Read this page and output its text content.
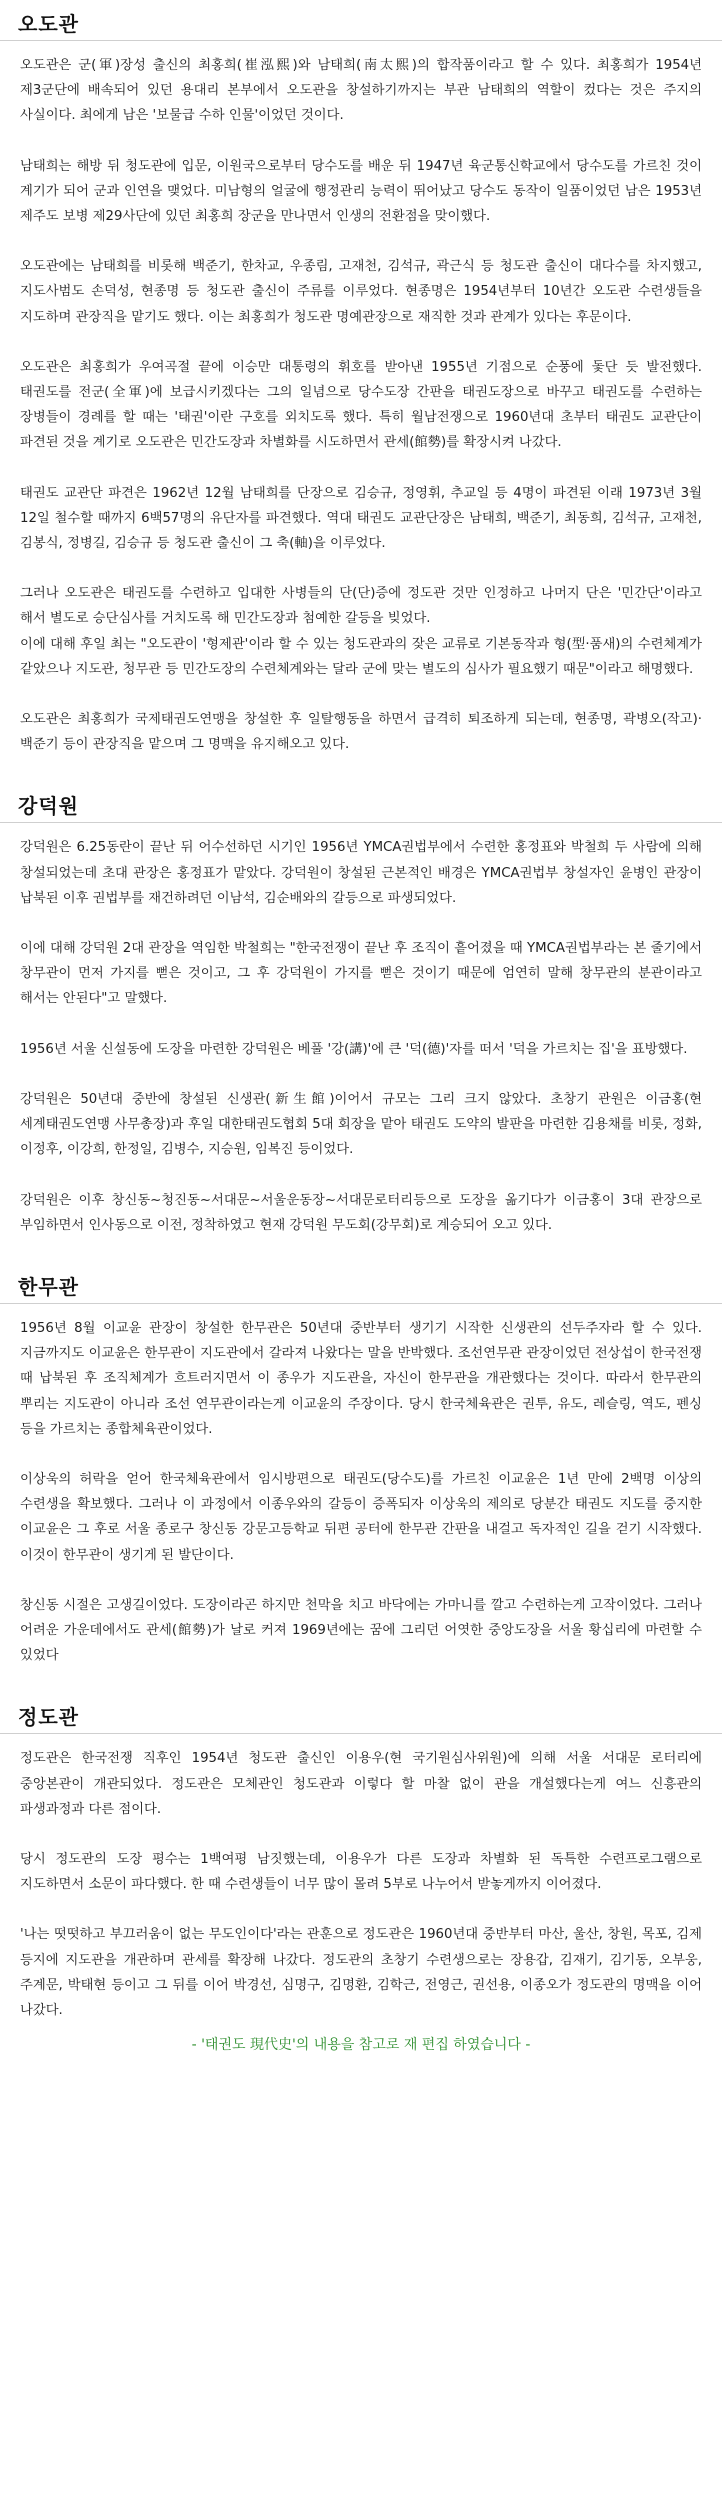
오도관

오도관은 군(軍)장성 출신의 최홍희(崔泓熙)와 남태희(南太熙)의 합작품이라고 할 수 있다. 최홍희가 1954년 제3군단에 배속되어 있던 용대리 본부에서 오도관을 창설하기까지는 부관 남태희의 역할이 컸다는 것은 주지의 사실이다. 최에게 남은 '보물급 수하 인물'이었던 것이다.

남태희는 해방 뒤 청도관에 입문, 이원국으로부터 당수도를 배운 뒤 1947년 육군통신학교에서 당수도를 가르친 것이 계기가 되어 군과 인연을 맺었다. 미남형의 얼굴에 행정관리 능력이 뛰어났고 당수도 동작이 일품이었던 남은 1953년 제주도 보병 제29사단에 있던 최홍희 장군을 만나면서 인생의 전환점을 맞이했다.

오도관에는 남태희를 비롯해 백준기, 한차교, 우종림, 고재천, 김석규, 곽근식 등 청도관 출신이 대다수를 차지했고, 지도사범도 손덕성, 현종명 등 청도관 출신이 주류를 이루었다. 현종명은 1954년부터 10년간 오도관 수련생들을 지도하며 관장직을 맡기도 했다. 이는 최홍희가 청도관 명예관장으로 재직한 것과 관계가 있다는 후문이다.

오도관은 최홍희가 우여곡절 끝에 이승만 대통령의 휘호를 받아낸 1955년 기점으로 순풍에 돛단 듯 발전했다. 태권도를 전군(全軍)에 보급시키겠다는 그의 일념으로 당수도장 간판을 태권도장으로 바꾸고 태권도를 수련하는 장병들이 경례를 할 때는 '태권'이란 구호를 외치도록 했다. 특히 월남전쟁으로 1960년대 초부터 태권도 교관단이 파견된 것을 계기로 오도관은 민간도장과 차별화를 시도하면서 관세(館勢)를 확장시켜 나갔다.

태권도 교관단 파견은 1962년 12월 남태희를 단장으로 김승규, 정영휘, 추교일 등 4명이 파견된 이래 1973년 3월 12일 철수할 때까지 6백57명의 유단자를 파견했다. 역대 태권도 교관단장은 남태희, 백준기, 최동희, 김석규, 고재천, 김봉식, 정병길, 김승규 등 청도관 출신이 그 축(軸)을 이루었다.

그러나 오도관은 태권도를 수련하고 입대한 사병들의 단(단)증에 정도관 것만 인정하고 나머지 단은 '민간단'이라고 해서 별도로 승단심사를 거치도록 해 민간도장과 첨예한 갈등을 빚었다.
이에 대해 후일 최는 "오도관이 '형제관'이라 할 수 있는 청도관과의 잦은 교류로 기본동작과 형(型·품새)의 수련체계가 같았으나 지도관, 청무관 등 민간도장의 수련체계와는 달라 군에 맞는 별도의 심사가 필요했기 때문"이라고 해명했다.

오도관은 최홍희가 국제태권도연맹을 창설한 후 일탈행동을 하면서 급격히 퇴조하게 되는데, 현종명, 곽병오(작고)·백준기 등이 관장직을 맡으며 그 명맥을 유지해오고 있다.

강덕원

강덕원은 6.25동란이 끝난 뒤 어수선하던 시기인 1956년 YMCA권법부에서 수련한 홍정표와 박철희 두 사람에 의해 창설되었는데 초대 관장은 홍정표가 맡았다. 강덕원이 창설된 근본적인 배경은 YMCA권법부 창설자인 윤병인 관장이 납북된 이후 권법부를 재건하려던 이남석, 김순배와의 갈등으로 파생되었다.

이에 대해 강덕원 2대 관장을 역임한 박철희는 "한국전쟁이 끝난 후 조직이 흩어졌을 때 YMCA권법부라는 본 줄기에서 창무관이 먼저 가지를 뻗은 것이고, 그 후 강덕원이 가지를 뻗은 것이기 때문에 엄연히 말해 창무관의 분관이라고 해서는 안된다"고 말했다.

1956년 서울 신설동에 도장을 마련한 강덕원은 베풀 '강(講)'에 큰 '덕(德)'자를 떠서 '덕을 가르치는 집'을 표방했다.

강덕원은 50년대 중반에 창설된 신생관(新生館)이어서 규모는 그리 크지 않았다. 초창기 관원은 이금홍(현 세계태권도연맹 사무총장)과 후일 대한태권도협회 5대 회장을 맡아 태권도 도약의 발판을 마련한 김용채를 비롯, 정화, 이정후, 이강희, 한정일, 김병수, 지승원, 임복진 등이었다.

강덕원은 이후 창신동~청진동~서대문~서울운동장~서대문로터리등으로 도장을 옮기다가 이금홍이 3대 관장으로 부임하면서 인사동으로 이전, 정착하였고 현재 강덕원 무도회(강무회)로 계승되어 오고 있다.

한무관

1956년 8월 이교윤 관장이 창설한 한무관은 50년대 중반부터 생기기 시작한 신생관의 선두주자라 할 수 있다. 지금까지도 이교윤은 한무관이 지도관에서 갈라져 나왔다는 말을 반박했다. 조선연무관 관장이었던 전상섭이 한국전쟁 때 납북된 후 조직체계가 흐트러지면서 이 종우가 지도관을, 자신이 한무관을 개관했다는 것이다. 따라서 한무관의 뿌리는 지도관이 아니라 조선 연무관이라는게 이교윤의 주장이다. 당시 한국체육관은 권투, 유도, 레슬링, 역도, 펜싱 등을 가르치는 종합체육관이었다.

이상욱의 허락을 얻어 한국체육관에서 임시방편으로 태권도(당수도)를 가르친 이교윤은 1년 만에 2백명 이상의 수련생을 확보했다. 그러나 이 과정에서 이종우와의 갈등이 증폭되자 이상욱의 제의로 당분간 태권도 지도를 중지한 이교윤은 그 후로 서울 종로구 창신동 강문고등학교 뒤편 공터에 한무관 간판을 내걸고 독자적인 길을 걷기 시작했다. 이것이 한무관이 생기게 된 발단이다.

창신동 시절은 고생길이었다. 도장이라곤 하지만 천막을 치고 바닥에는 가마니를 깔고 수련하는게 고작이었다. 그러나 어려운 가운데에서도 관세(館勢)가 날로 커져 1969년에는 꿈에 그리던 어엿한 중앙도장을 서울 황십리에 마련할 수 있었다

정도관

정도관은 한국전쟁 직후인 1954년 청도관 출신인 이용우(현 국기원심사위원)에 의해 서울 서대문 로터리에 중앙본관이 개관되었다. 정도관은 모체관인 청도관과 이렇다 할 마찰 없이 관을 개설했다는게 여느 신흥관의 파생과정과 다른 점이다.

당시 정도관의 도장 평수는 1백여평 남짓했는데, 이용우가 다른 도장과 차별화 된 독특한 수련프로그램으로 지도하면서 소문이 파다했다. 한 때 수련생들이 너무 많이 몰려 5부로 나누어서 받놓게까지 이어졌다.

'나는 떳떳하고 부끄러움이 없는 무도인이다'라는 관훈으로 정도관은 1960년대 중반부터 마산, 울산, 창원, 목포, 김제 등지에 지도관을 개관하며 관세를 확장해 나갔다. 정도관의 초창기 수련생으로는 장용갑, 김재기, 김기동, 오부웅, 주계문, 박태현 등이고 그 뒤를 이어 박경선, 심명구, 김명환, 김학근, 전영근, 권선용, 이종오가 정도관의 명맥을 이어 나갔다.

- '태권도 現代史'의 내용을 참고로 재 편집 하였습니다 -
